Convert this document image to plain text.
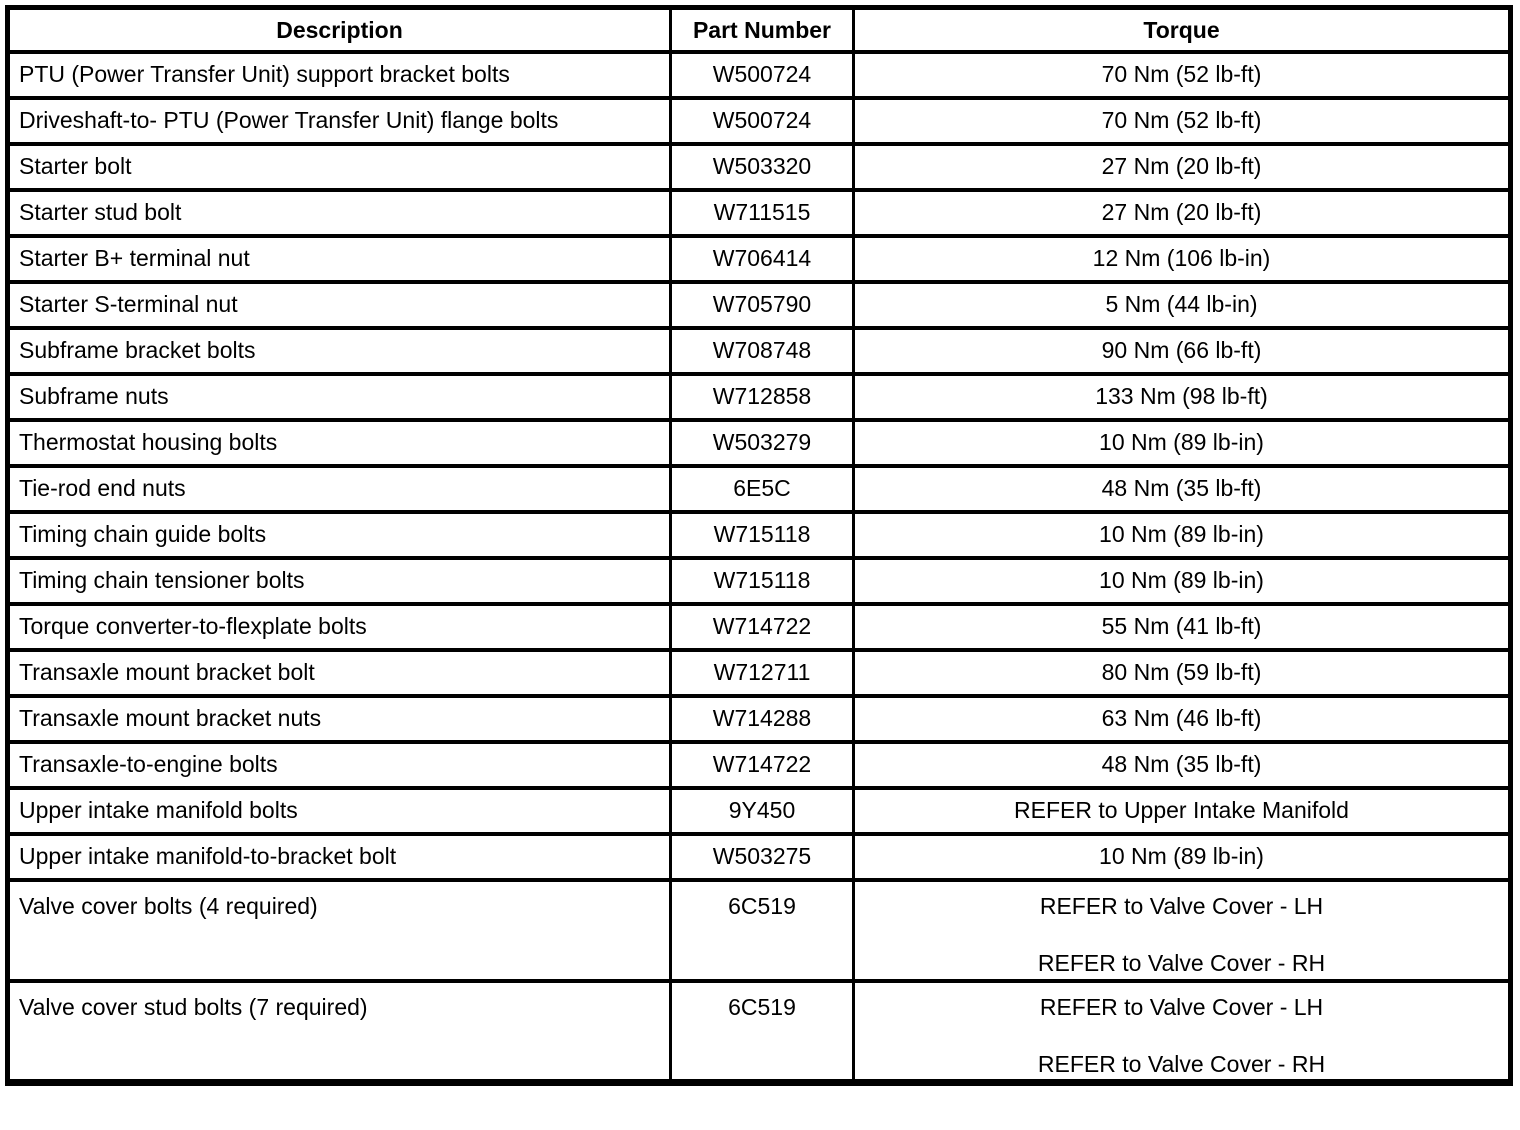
Description	Part Number	Torque
PTU (Power Transfer Unit) support bracket bolts	W500724	70 Nm (52 lb-ft)

Driveshaft-to- PTU (Power Transfer Unit) flange bolts	W500724	70 Nm (52 lb-ft)

Starter bolt	W503320	27 Nm (20 lb-ft)

Starter stud bolt	W711515	27 Nm (20 lb-ft)

Starter B+ terminal nut	W706414	12 Nm (106 lb-in)

Starter S-terminal nut	W705790	5 Nm (44 lb-in)

Subframe bracket bolts	W708748	90 Nm (66 lb-ft)

Subframe nuts	W712858	133 Nm (98 lb-ft)

Thermostat housing bolts	W503279	10 Nm (89 lb-in)

Tie-rod end nuts	6E5C	48 Nm (35 lb-ft)

Timing chain guide bolts	W715118	10 Nm (89 lb-in)

Timing chain tensioner bolts	W715118	10 Nm (89 lb-in)

Torque converter-to-flexplate bolts	W714722	55 Nm (41 lb-ft)

Transaxle mount bracket bolt	W712711	80 Nm (59 lb-ft)

Transaxle mount bracket nuts	W714288	63 Nm (46 lb-ft)

Transaxle-to-engine bolts	W714722	48 Nm (35 lb-ft)

Upper intake manifold bolts	9Y450	REFER to Upper Intake Manifold

Upper intake manifold-to-bracket bolt	W503275	10 Nm (89 lb-in)

Valve cover bolts (4 required)	6C519	REFER to Valve Cover - LH
REFER to Valve Cover - RH

Valve cover stud bolts (7 required)	6C519	REFER to Valve Cover - LH
REFER to Valve Cover - RH
